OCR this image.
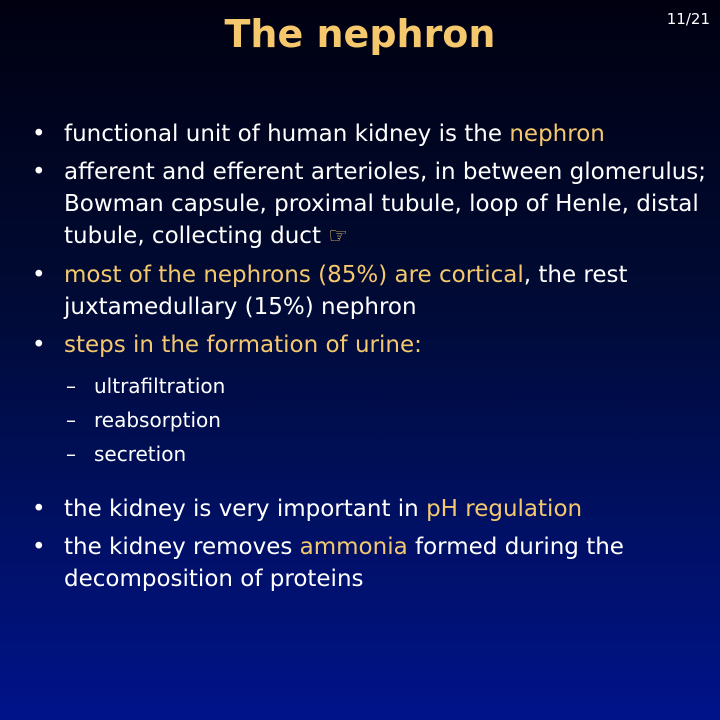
The nephron	11/21
• functional unit of human kidney is the nephron
• afferent and efferent arterioles, in between glomerulus; Bowman capsule, proximal tubule, loop of Henle, distal tubule, collecting duct ☞
• most of the nephrons (85%) are cortical, the rest juxtamedullary (15%) nephron
• steps in the formation of urine:
– ultrafiltration
– reabsorption
– secretion
• the kidney is very important in pH regulation
• the kidney removes ammonia formed during the decomposition of proteins
